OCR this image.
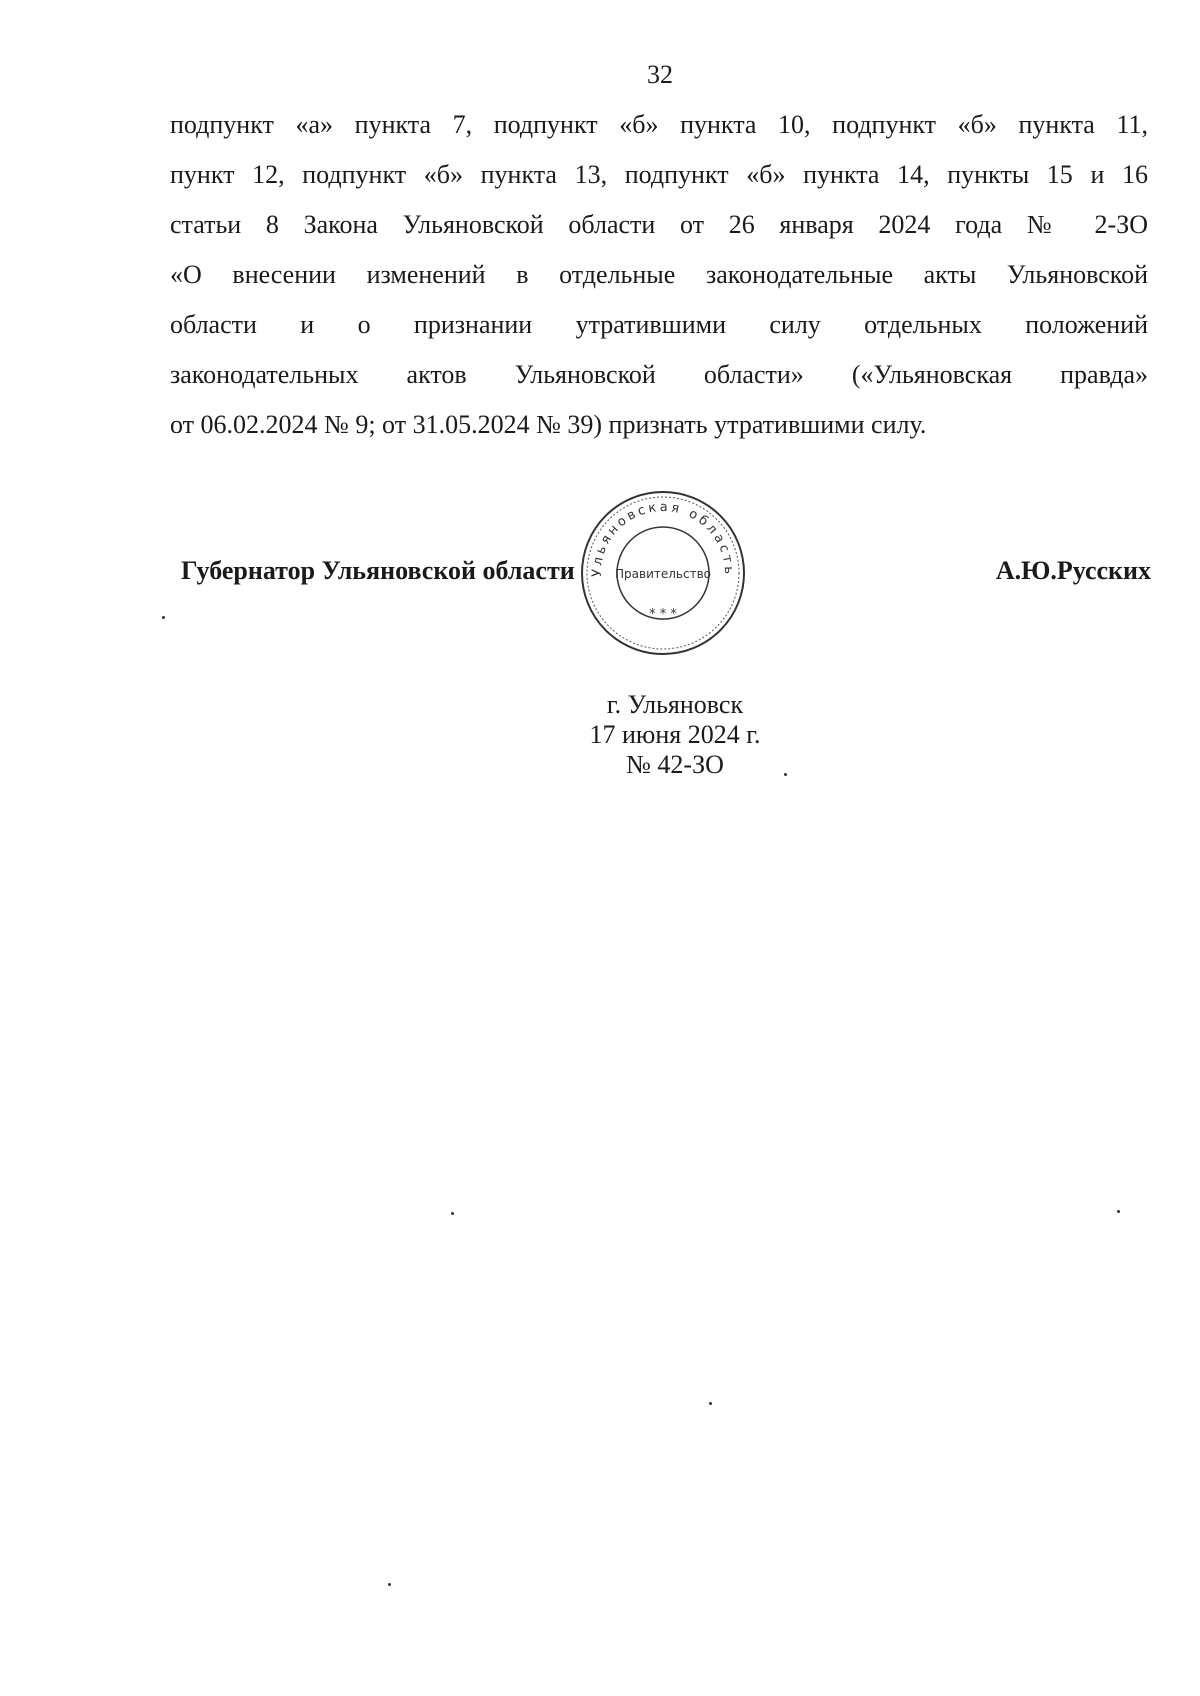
32
подпункт «а» пункта 7, подпункт «б» пункта 10, подпункт «б» пункта 11,
пункт 12, подпункт «б» пункта 13, подпункт «б» пункта 14, пункты 15 и 16
статьи 8 Закона Ульяновской области от 26 января 2024 года № 2-ЗО
«О внесении изменений в отдельные законодательные акты Ульяновской
области и о признании утратившими силу отдельных положений
законодательных актов Ульяновской области» («Ульяновская правда»
от 06.02.2024 № 9; от 31.05.2024 № 39) признать утратившими силу.
Губернатор Ульяновской области Ульяновская область
Правительство
* * *
А.Ю.Русских
г. Ульяновск
17 июня 2024 г.
№ 42-ЗО
